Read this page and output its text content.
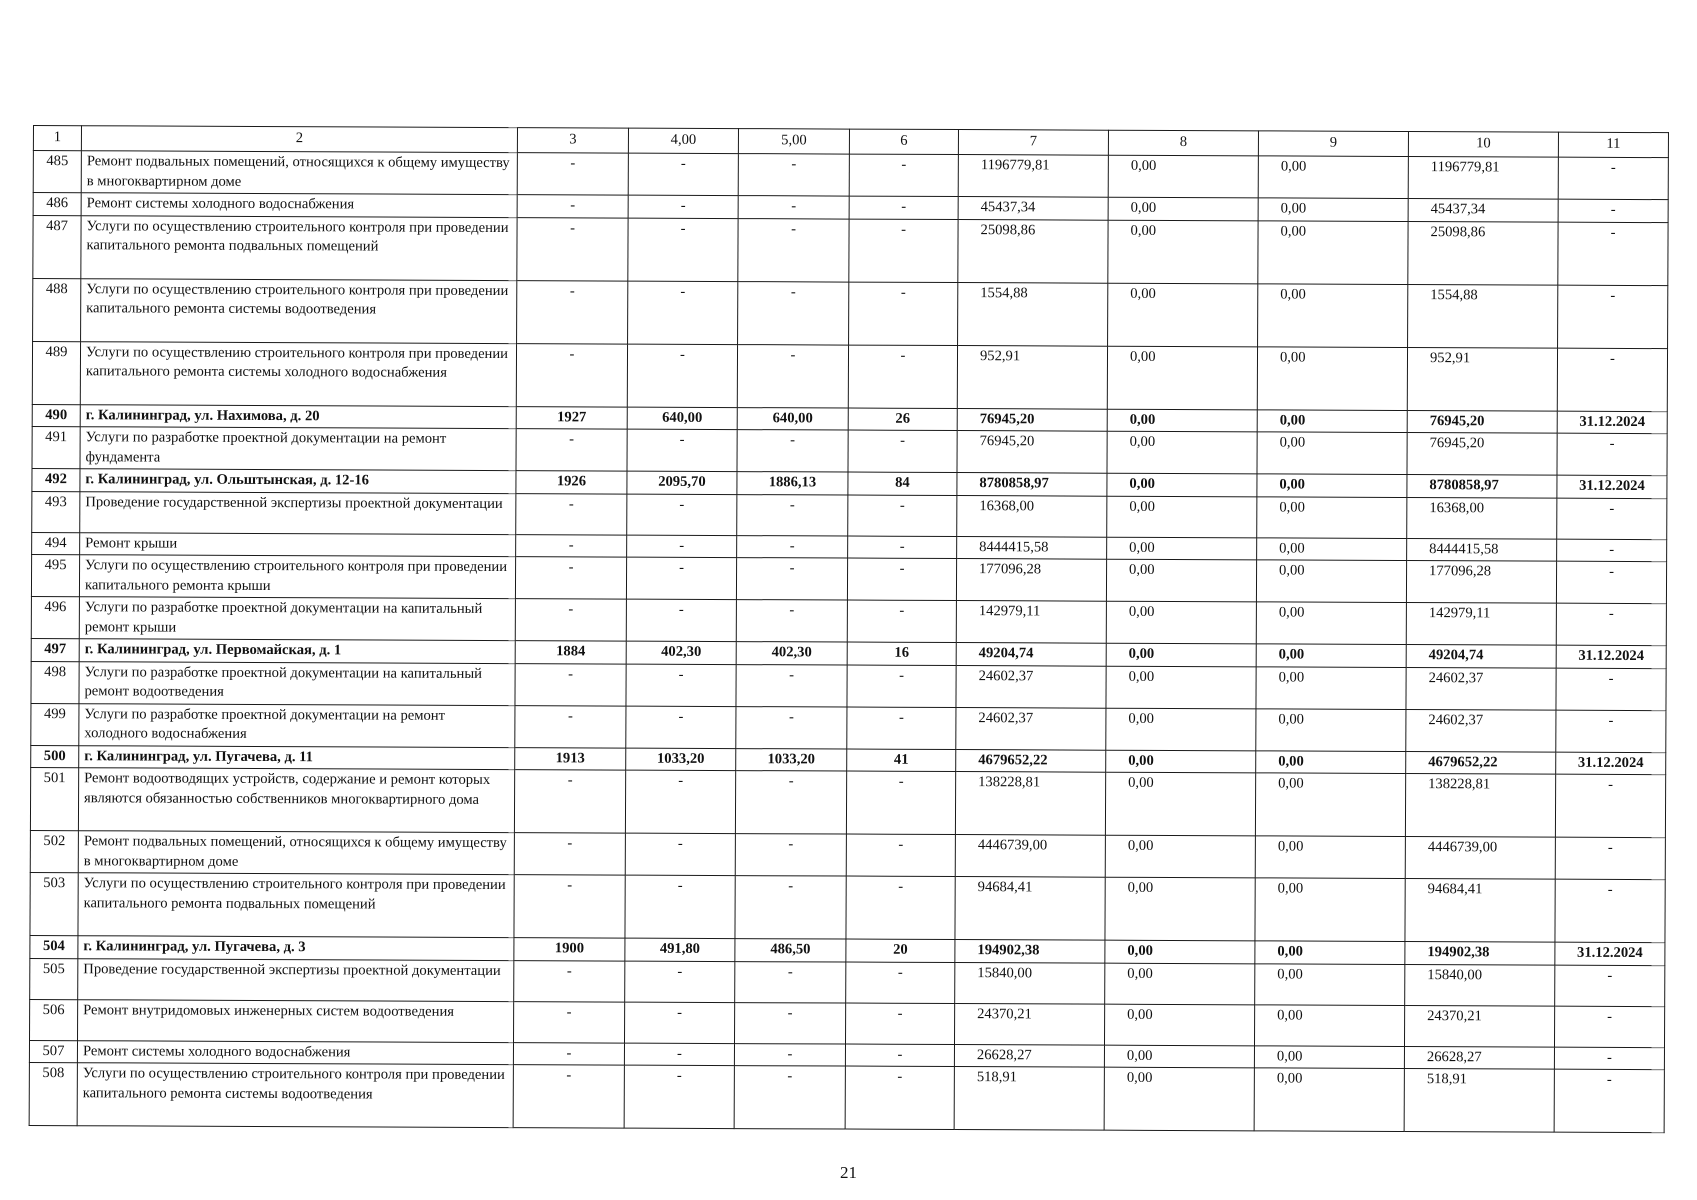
1	2	3	4,00	5,00	6	7	8	9	10	11
485	Ремонт подвальных помещений, относящихся к общему имуществу в многоквартирном доме	-	-	-	-	1196779,81	0,00	0,00	1196779,81	-
486	Ремонт системы холодного водоснабжения	-	-	-	-	45437,34	0,00	0,00	45437,34	-
487	Услуги по осуществлению строительного контроля при проведении капитального ремонта подвальных помещений	-	-	-	-	25098,86	0,00	0,00	25098,86	-
488	Услуги по осуществлению строительного контроля при проведении капитального ремонта системы водоотведения	-	-	-	-	1554,88	0,00	0,00	1554,88	-
489	Услуги по осуществлению строительного контроля при проведении капитального ремонта системы холодного водоснабжения	-	-	-	-	952,91	0,00	0,00	952,91	-
490	г. Калининград, ул. Нахимова, д. 20	1927	640,00	640,00	26	76945,20	0,00	0,00	76945,20	31.12.2024
491	Услуги по разработке проектной документации на ремонт фундамента	-	-	-	-	76945,20	0,00	0,00	76945,20	-
492	г. Калининград, ул. Ольштынская, д. 12-16	1926	2095,70	1886,13	84	8780858,97	0,00	0,00	8780858,97	31.12.2024
493	Проведение государственной экспертизы проектной документации	-	-	-	-	16368,00	0,00	0,00	16368,00	-
494	Ремонт крыши	-	-	-	-	8444415,58	0,00	0,00	8444415,58	-
495	Услуги по осуществлению строительного контроля при проведении капитального ремонта крыши	-	-	-	-	177096,28	0,00	0,00	177096,28	-
496	Услуги по разработке проектной документации на капитальный ремонт крыши	-	-	-	-	142979,11	0,00	0,00	142979,11	-
497	г. Калининград, ул. Первомайская, д. 1	1884	402,30	402,30	16	49204,74	0,00	0,00	49204,74	31.12.2024
498	Услуги по разработке проектной документации на капитальный ремонт водоотведения	-	-	-	-	24602,37	0,00	0,00	24602,37	-
499	Услуги по разработке проектной документации на ремонт холодного водоснабжения	-	-	-	-	24602,37	0,00	0,00	24602,37	-
500	г. Калининград, ул. Пугачева, д. 11	1913	1033,20	1033,20	41	4679652,22	0,00	0,00	4679652,22	31.12.2024
501	Ремонт водоотводящих устройств, содержание и ремонт которых являются обязанностью собственников многоквартирного дома	-	-	-	-	138228,81	0,00	0,00	138228,81	-
502	Ремонт подвальных помещений, относящихся к общему имуществу в многоквартирном доме	-	-	-	-	4446739,00	0,00	0,00	4446739,00	-
503	Услуги по осуществлению строительного контроля при проведении капитального ремонта подвальных помещений	-	-	-	-	94684,41	0,00	0,00	94684,41	-
504	г. Калининград, ул. Пугачева, д. 3	1900	491,80	486,50	20	194902,38	0,00	0,00	194902,38	31.12.2024
505	Проведение государственной экспертизы проектной документации	-	-	-	-	15840,00	0,00	0,00	15840,00	-
506	Ремонт внутридомовых инженерных систем водоотведения	-	-	-	-	24370,21	0,00	0,00	24370,21	-
507	Ремонт системы холодного водоснабжения	-	-	-	-	26628,27	0,00	0,00	26628,27	-
508	Услуги по осуществлению строительного контроля при проведении капитального ремонта системы водоотведения	-	-	-	-	518,91	0,00	0,00	518,91	-
21
